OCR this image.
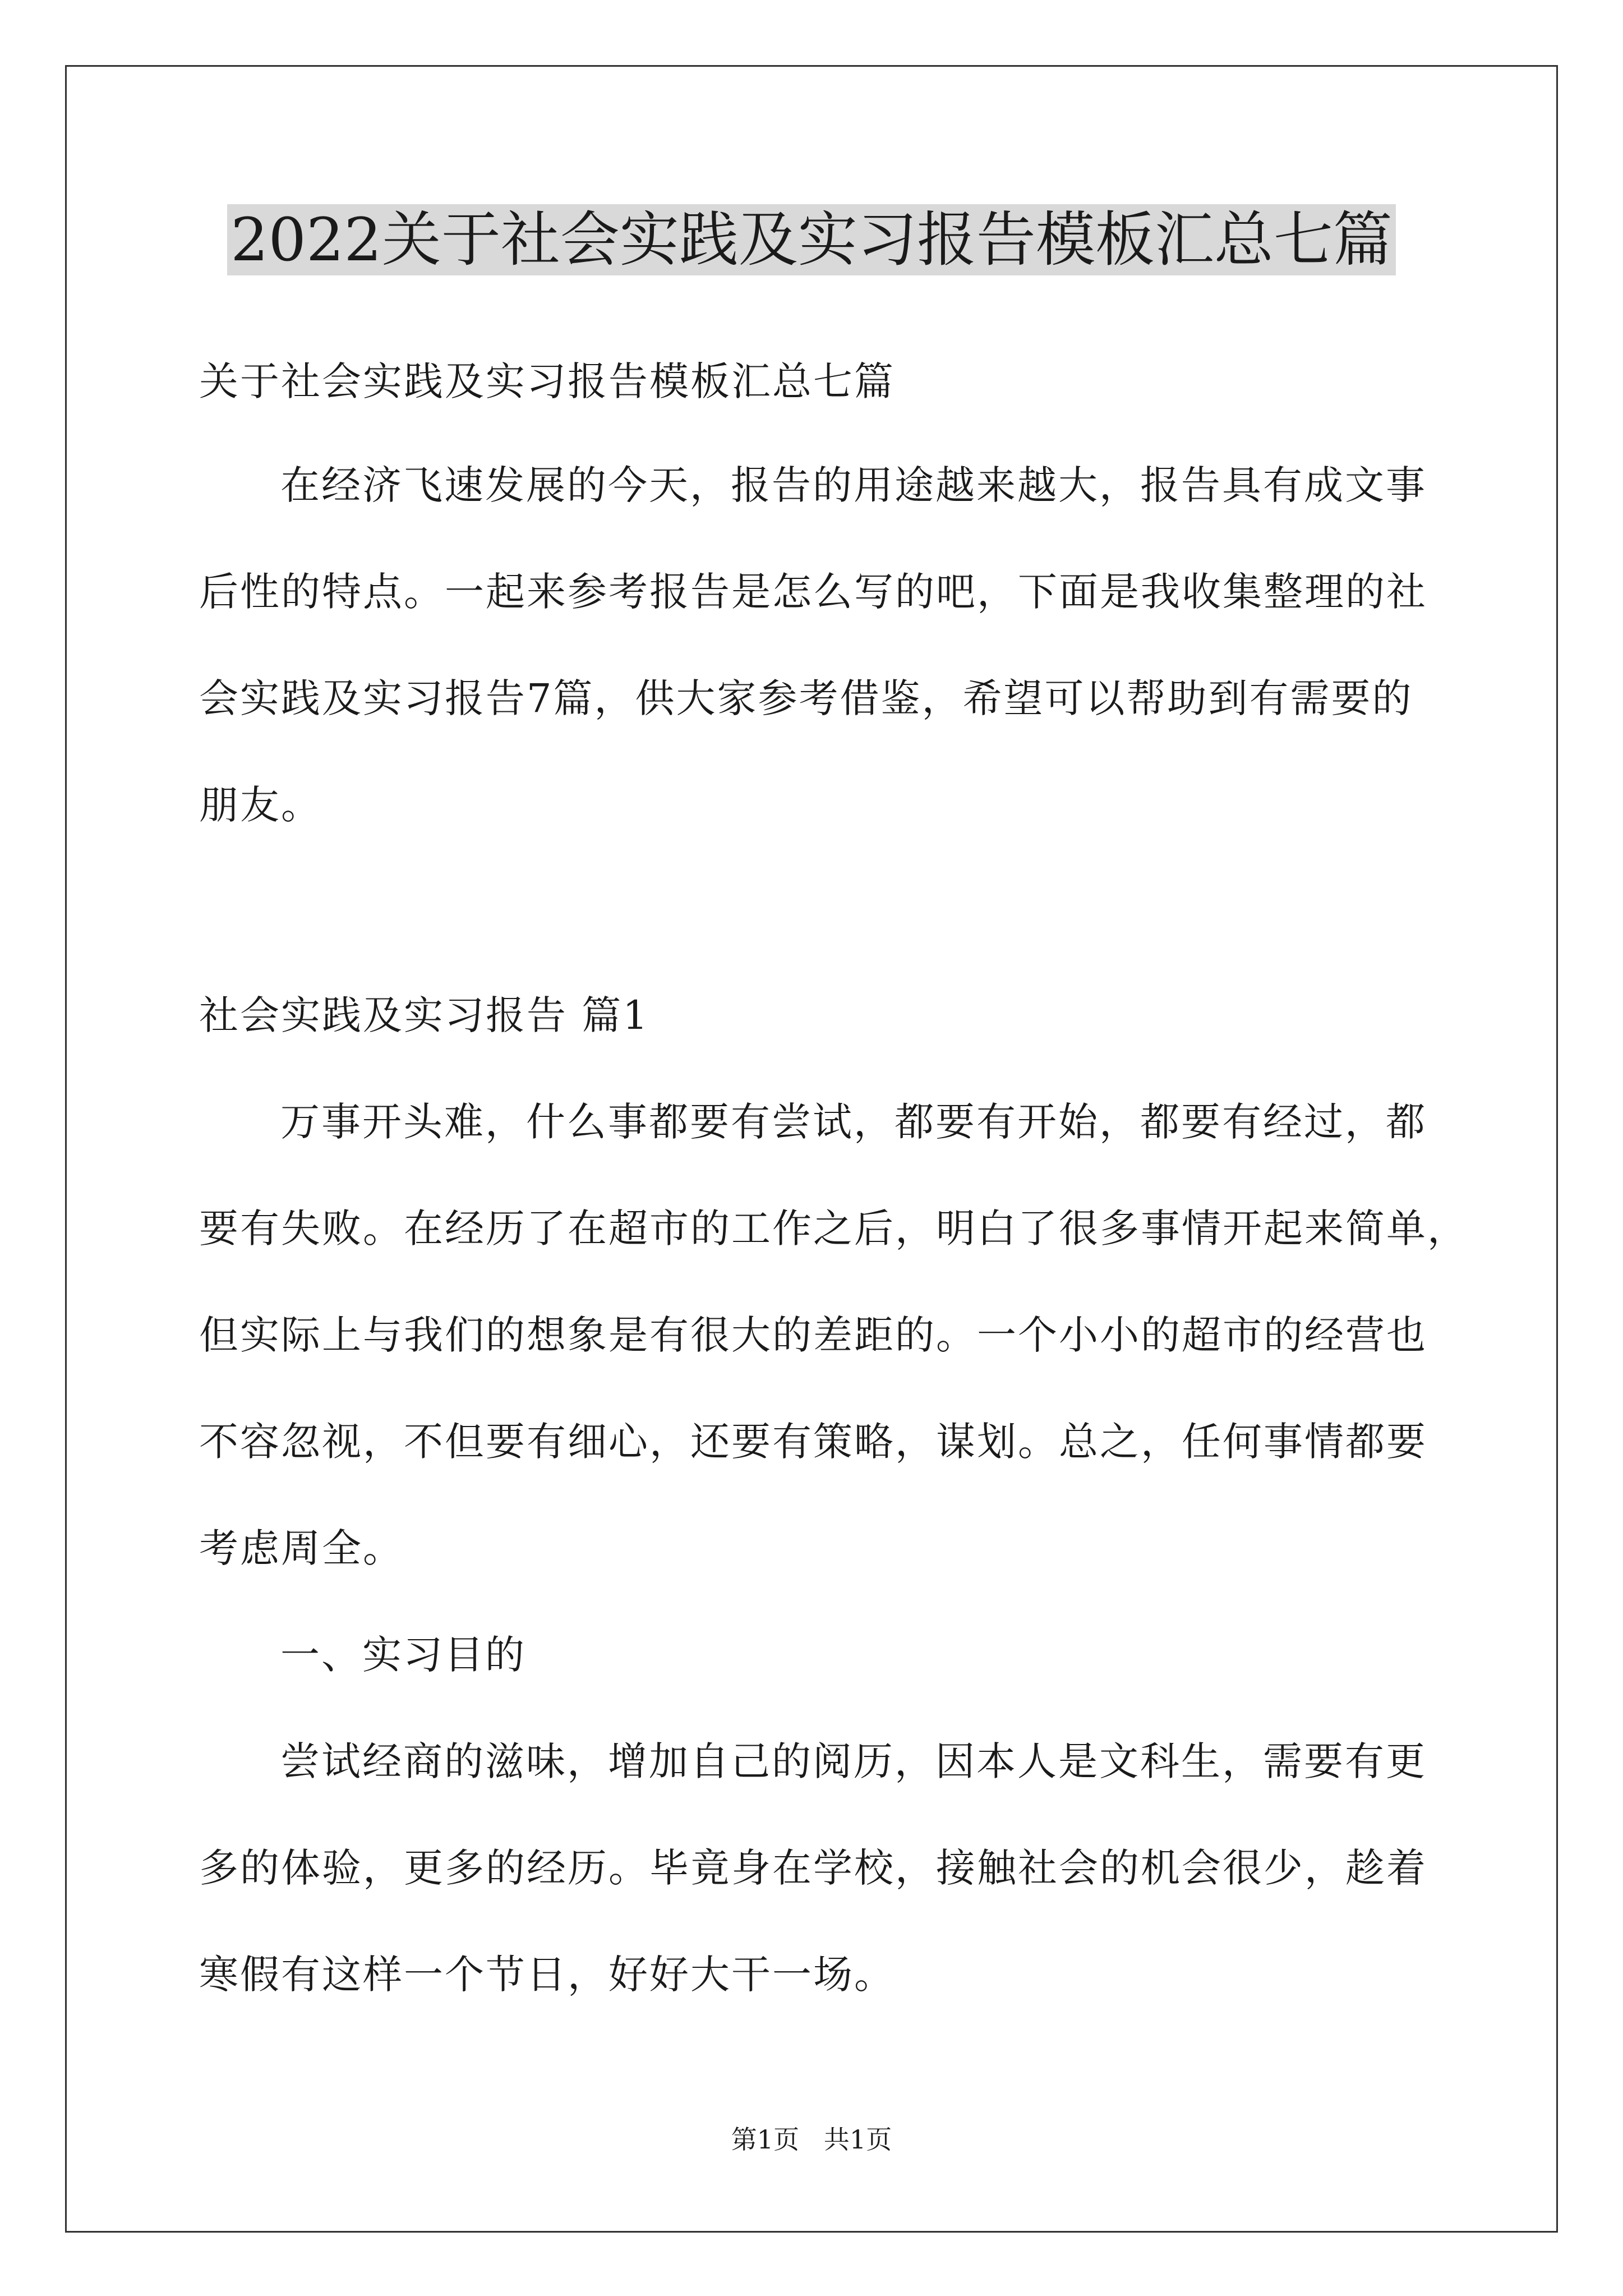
2022关于社会实践及实习报告模板汇总七篇
关于社会实践及实习报告模板汇总七篇
在经济飞速发展的今天，报告的用途越来越大，报告具有成文事
后性的特点。一起来参考报告是怎么写的吧，下面是我收集整理的社
会实践及实习报告7篇，供大家参考借鉴，希望可以帮助到有需要的
朋友。
社会实践及实习报告 篇1
万事开头难，什么事都要有尝试，都要有开始，都要有经过，都
要有失败。在经历了在超市的工作之后，明白了很多事情开起来简单，
但实际上与我们的想象是有很大的差距的。一个小小的超市的经营也
不容忽视，不但要有细心，还要有策略，谋划。总之，任何事情都要
考虑周全。
一、实习目的
尝试经商的滋味，增加自己的阅历，因本人是文科生，需要有更
多的体验，更多的经历。毕竟身在学校，接触社会的机会很少，趁着
寒假有这样一个节日，好好大干一场。
第1页   共1页
